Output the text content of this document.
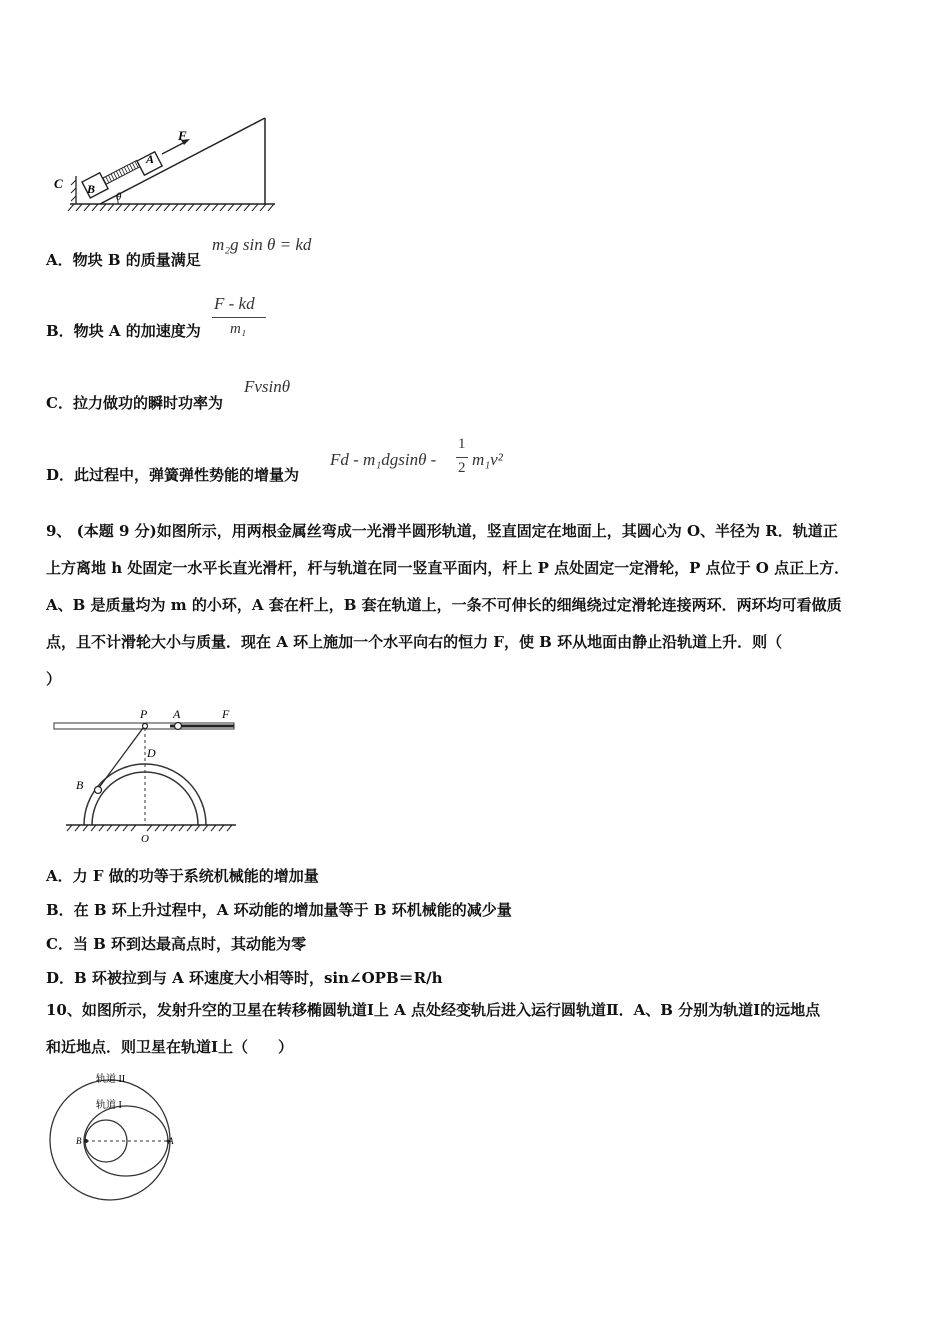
C B
A
F
θ
A．物块 B 的质量满足
m₂g sin θ = kd
B．物块 A 的加速度为
F - kd
m₁
C．拉力做功的瞬时功率为
Fvsinθ
D．此过程中，弹簧弹性势能的增量为
Fd - m₁dgsinθ -
1
2 m₁v²
9、 (本题 9 分)如图所示，用两根金属丝弯成一光滑半圆形轨道，竖直固定在地面上，其圆心为 O、半径为 R．轨道正
上方离地 h 处固定一水平长直光滑杆，杆与轨道在同一竖直平面内，杆上 P 点处固定一定滑轮，P 点位于 O 点正上方．
A、B 是质量均为 m 的小环，A 套在杆上，B 套在轨道上，一条不可伸长的细绳绕过定滑轮连接两环．两环均可看做质
点，且不计滑轮大小与质量．现在 A 环上施加一个水平向右的恒力 F，使 B 环从地面由静止沿轨道上升．则（
）
P A	F
D
B
O
A．力 F 做的功等于系统机械能的增加量
B．在 B 环上升过程中，A 环动能的增加量等于 B 环机械能的减少量
C．当 B 环到达最高点时，其动能为零
D．B 环被拉到与 A 环速度大小相等时，sin∠OPB＝R/h
10、如图所示，发射升空的卫星在转移椭圆轨道Ⅰ上 A 点处经变轨后进入运行圆轨道Ⅱ．A、B 分别为轨道Ⅰ的远地点
和近地点．则卫星在轨道Ⅰ上（　　）
轨道 II
轨道 I
B	A
